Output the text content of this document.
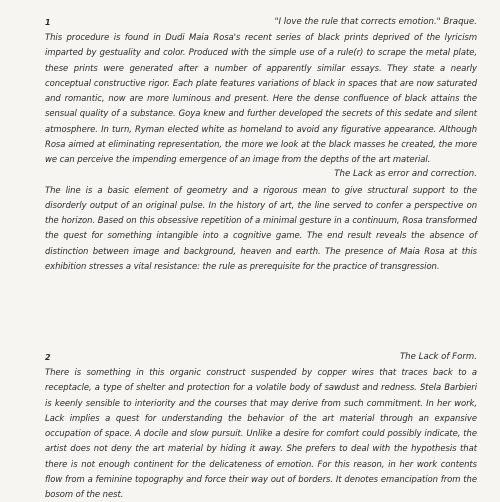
1	"I love the rule that corrects emotion." Braque.

This procedure is found in Dudi Maia Rosa's recent series of black prints deprived of the lyricism imparted by gestuality and color. Produced with the simple use of a rule(r) to scrape the metal plate, these prints were generated after a number of apparently similar essays. They state a nearly conceptual constructive rigor. Each plate features variations of black in spaces that are now saturated and romantic, now are more luminous and present. Here the dense confluence of black attains the sensual quality of a substance. Goya knew and further developed the secrets of this sedate and silent atmosphere. In turn, Ryman elected white as homeland to avoid any figurative appearance. Although Rosa aimed at eliminating representation, the more we look at the black masses he created, the more we can perceive the impending emergence of an image from the depths of the art material.

The Lack as error and correction.

The line is a basic element of geometry and a rigorous mean to give structural support to the disorderly output of an original pulse. In the history of art, the line served to confer a perspective on the horizon. Based on this obsessive repetition of a minimal gesture in a continuum, Rosa transformed the quest for something intangible into a cognitive game. The end result reveals the absence of distinction between image and background, heaven and earth. The presence of Maia Rosa at this exhibition stresses a vital resistance: the rule as prerequisite for the practice of transgression.

2	The Lack of Form.

There is something in this organic construct suspended by copper wires that traces back to a receptacle, a type of shelter and protection for a volatile body of sawdust and redness. Stela Barbieri is keenly sensible to interiority and the courses that may derive from such commitment. In her work, Lack implies a quest for understanding the behavior of the art material through an expansive occupation of space. A docile and slow pursuit. Unlike a desire for comfort could possibly indicate, the artist does not deny the art material by hiding it away. She prefers to deal with the hypothesis that there is not enough continent for the delicateness of emotion. For this reason, in her work contents flow from a feminine topography and force their way out of borders. It denotes emancipation from the bosom of the nest.
